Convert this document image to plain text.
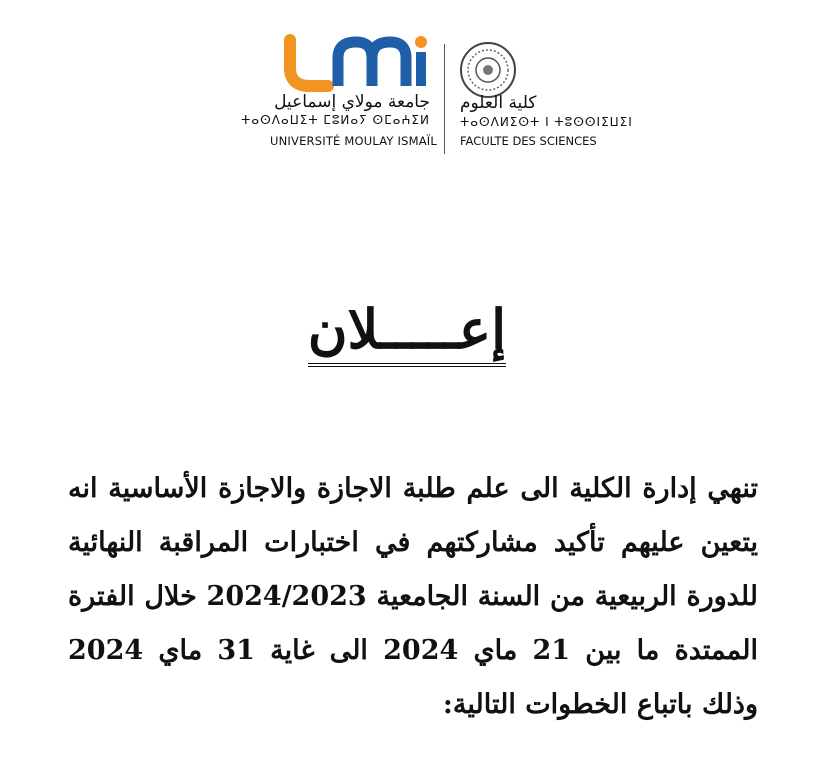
جامعة مولاي إسماعيل
ⵜⴰⵙⴷⴰⵡⵉⵜ ⵎⵓⵍⴰⵢ ⵙⵎⴰⵄⵉⵍ
UNIVERSITÉ MOULAY ISMAÏL
كلية العلوم
ⵜⴰⵙⴷⵍⵉⵙⵜ ⵏ ⵜⵓⵙⵙⵏⵉⵡⵉⵏ
FACULTE DES SCIENCES
إعـــــلان

تنهي إدارة الكلية الى علم طلبة الاجازة والاجازة الأساسية انه يتعين عليهم تأكيد مشاركتهم في اختبارات المراقبة النهائية للدورة الربيعية من السنة الجامعية 2024/2023 خلال الفترة الممتدة ما بين 21 ماي 2024 الى غاية 31 ماي 2024 وذلك باتباع الخطوات التالية:
